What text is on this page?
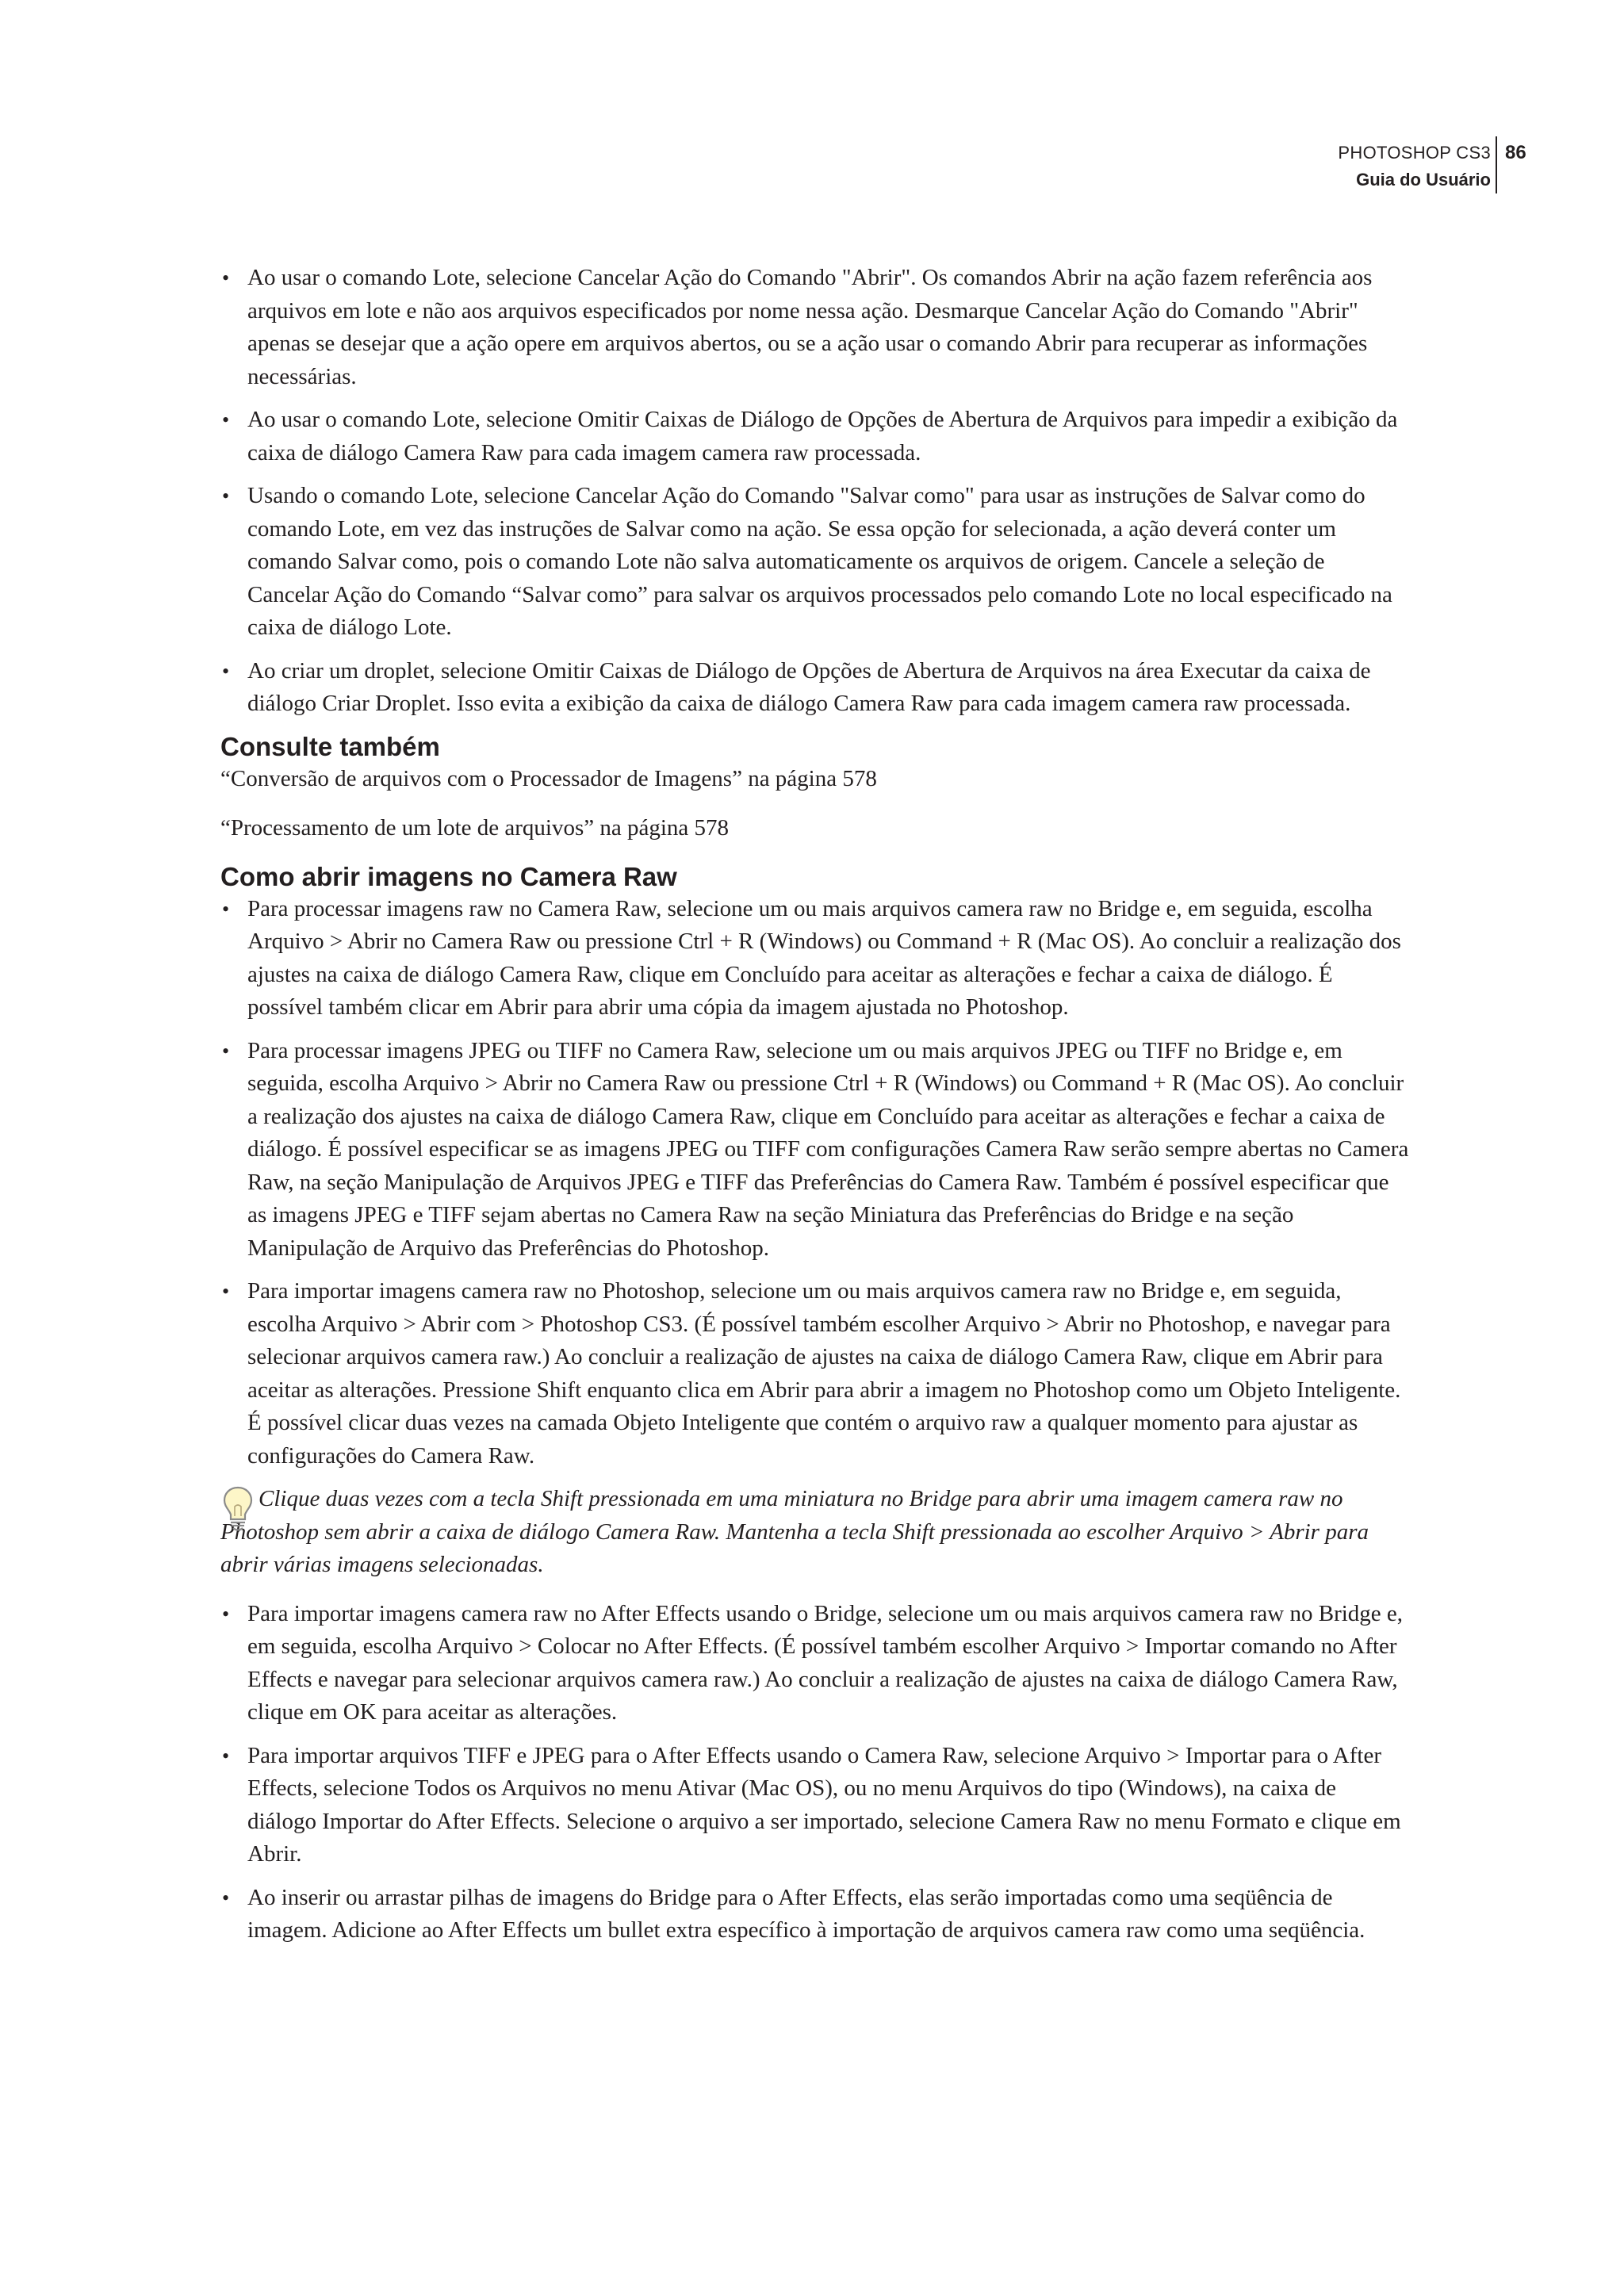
PHOTOSHOP CS3
Guia do Usuário
86
• Ao usar o comando Lote, selecione Cancelar Ação do Comando "Abrir". Os comandos Abrir na ação fazem referência aos arquivos em lote e não aos arquivos especificados por nome nessa ação. Desmarque Cancelar Ação do Comando "Abrir" apenas se desejar que a ação opere em arquivos abertos, ou se a ação usar o comando Abrir para recuperar as informações necessárias.
• Ao usar o comando Lote, selecione Omitir Caixas de Diálogo de Opções de Abertura de Arquivos para impedir a exibição da caixa de diálogo Camera Raw para cada imagem camera raw processada.
• Usando o comando Lote, selecione Cancelar Ação do Comando "Salvar como" para usar as instruções de Salvar como do comando Lote, em vez das instruções de Salvar como na ação. Se essa opção for selecionada, a ação deverá conter um comando Salvar como, pois o comando Lote não salva automaticamente os arquivos de origem. Cancele a seleção de Cancelar Ação do Comando “Salvar como” para salvar os arquivos processados pelo comando Lote no local especificado na caixa de diálogo Lote.
• Ao criar um droplet, selecione Omitir Caixas de Diálogo de Opções de Abertura de Arquivos na área Executar da caixa de diálogo Criar Droplet. Isso evita a exibição da caixa de diálogo Camera Raw para cada imagem camera raw processada.
Consulte também

“Conversão de arquivos com o Processador de Imagens” na página 578

“Processamento de um lote de arquivos” na página 578

Como abrir imagens no Camera Raw
• Para processar imagens raw no Camera Raw, selecione um ou mais arquivos camera raw no Bridge e, em seguida, escolha Arquivo > Abrir no Camera Raw ou pressione Ctrl + R (Windows) ou Command + R (Mac OS). Ao concluir a realização dos ajustes na caixa de diálogo Camera Raw, clique em Concluído para aceitar as alterações e fechar a caixa de diálogo. É possível também clicar em Abrir para abrir uma cópia da imagem ajustada no Photoshop.
• Para processar imagens JPEG ou TIFF no Camera Raw, selecione um ou mais arquivos JPEG ou TIFF no Bridge e, em seguida, escolha Arquivo > Abrir no Camera Raw ou pressione Ctrl + R (Windows) ou Command + R (Mac OS). Ao concluir a realização dos ajustes na caixa de diálogo Camera Raw, clique em Concluído para aceitar as alterações e fechar a caixa de diálogo. É possível especificar se as imagens JPEG ou TIFF com configurações Camera Raw serão sempre abertas no Camera Raw, na seção Manipulação de Arquivos JPEG e TIFF das Preferências do Camera Raw. Também é possível especificar que as imagens JPEG e TIFF sejam abertas no Camera Raw na seção Miniatura das Preferências do Bridge e na seção Manipulação de Arquivo das Preferências do Photoshop.
• Para importar imagens camera raw no Photoshop, selecione um ou mais arquivos camera raw no Bridge e, em seguida, escolha Arquivo > Abrir com > Photoshop CS3. (É possível também escolher Arquivo > Abrir no Photoshop, e navegar para selecionar arquivos camera raw.) Ao concluir a realização de ajustes na caixa de diálogo Camera Raw, clique em Abrir para aceitar as alterações. Pressione Shift enquanto clica em Abrir para abrir a imagem no Photoshop como um Objeto Inteligente. É possível clicar duas vezes na camada Objeto Inteligente que contém o arquivo raw a qualquer momento para ajustar as configurações do Camera Raw.
Clique duas vezes com a tecla Shift pressionada em uma miniatura no Bridge para abrir uma imagem camera raw no Photoshop sem abrir a caixa de diálogo Camera Raw. Mantenha a tecla Shift pressionada ao escolher Arquivo > Abrir para abrir várias imagens selecionadas.
• Para importar imagens camera raw no After Effects usando o Bridge, selecione um ou mais arquivos camera raw no Bridge e, em seguida, escolha Arquivo > Colocar no After Effects. (É possível também escolher Arquivo > Importar comando no After Effects e navegar para selecionar arquivos camera raw.) Ao concluir a realização de ajustes na caixa de diálogo Camera Raw, clique em OK para aceitar as alterações.
• Para importar arquivos TIFF e JPEG para o After Effects usando o Camera Raw, selecione Arquivo > Importar para o After Effects, selecione Todos os Arquivos no menu Ativar (Mac OS), ou no menu Arquivos do tipo (Windows), na caixa de diálogo Importar do After Effects. Selecione o arquivo a ser importado, selecione Camera Raw no menu Formato e clique em Abrir.
• Ao inserir ou arrastar pilhas de imagens do Bridge para o After Effects, elas serão importadas como uma seqüência de imagem. Adicione ao After Effects um bullet extra específico à importação de arquivos camera raw como uma seqüência.
